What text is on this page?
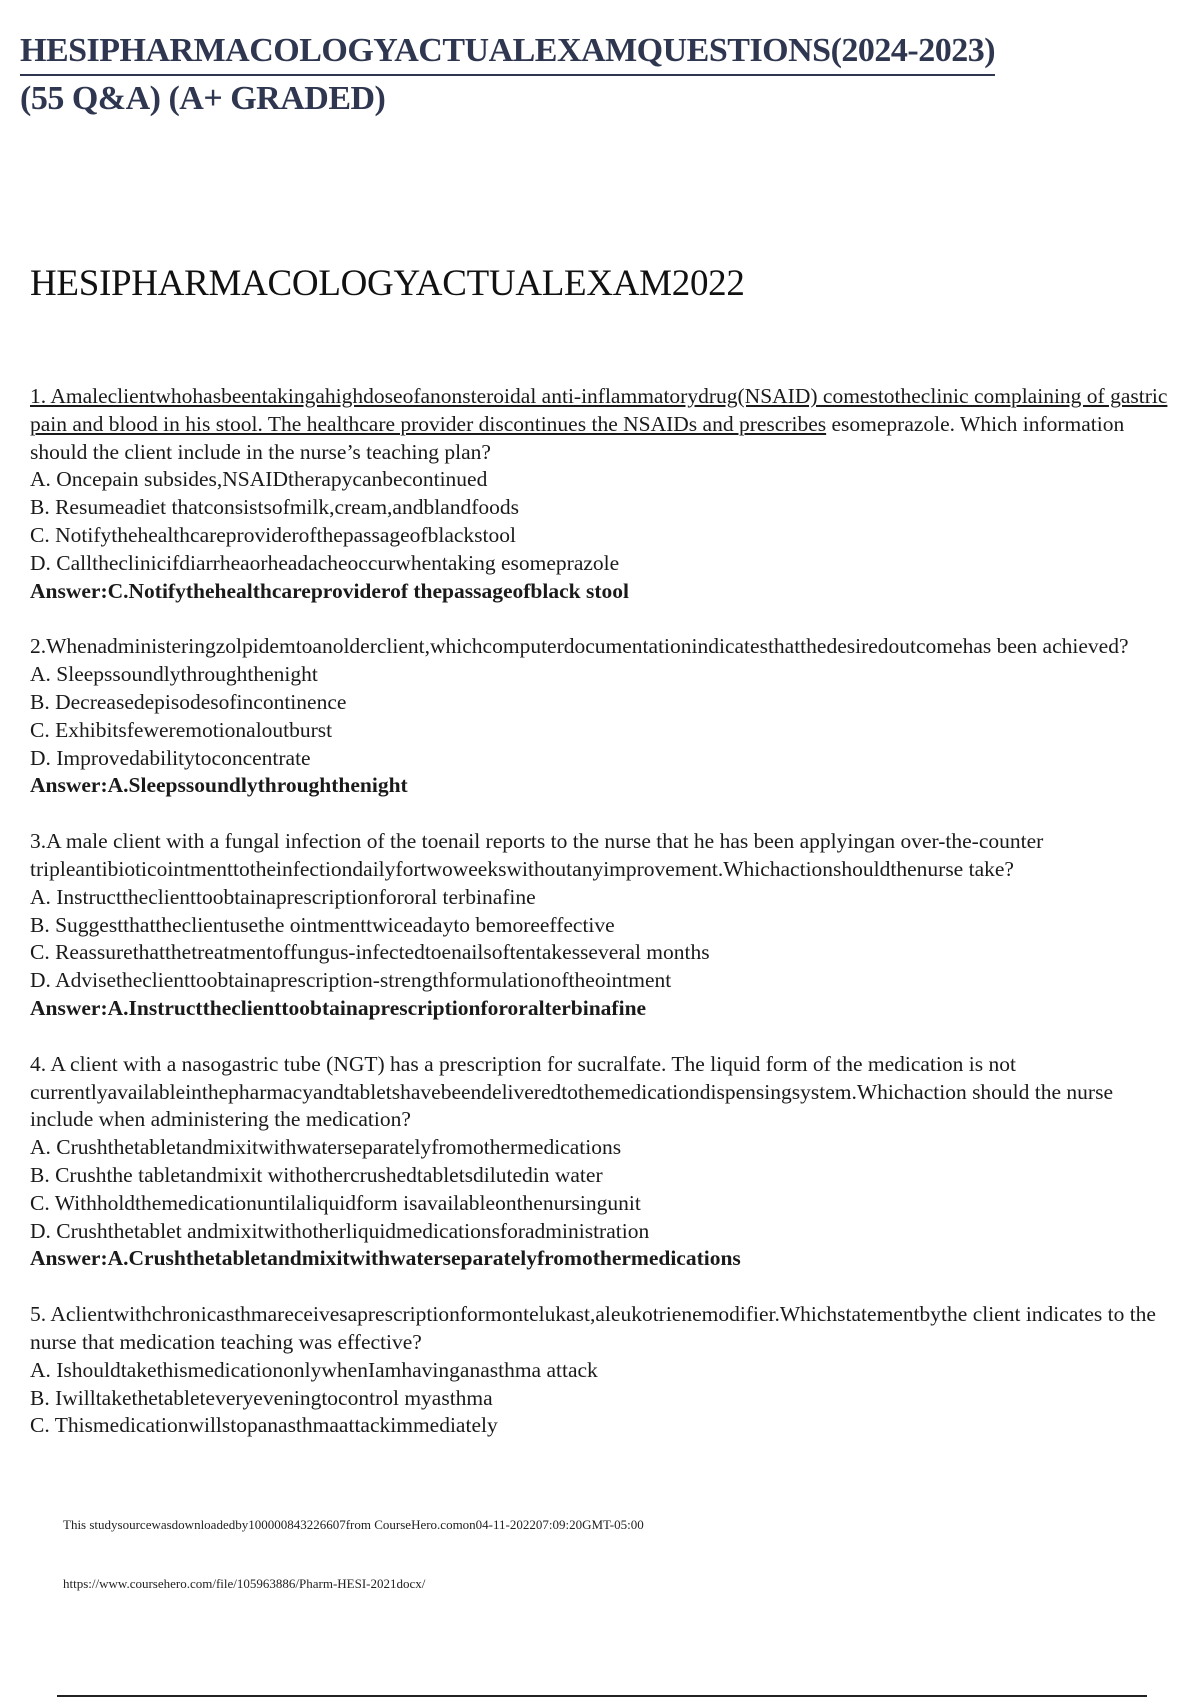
HESIPHARMACOLOGYACTUALEXAMQUESTIONS(2024-2023)
(55 Q&A) (A+ GRADED)
HESIPHARMACOLOGYACTUALEXAM2022

1. Amaleclientwhohasbeentakingahighdoseofanonsteroidal anti-inflammatorydrug(NSAID) comestotheclinic complaining of gastric pain and blood in his stool. The healthcare provider discontinues the NSAIDs and prescribes esomeprazole. Which information should the client include in the nurse’s teaching plan?

A. Oncepain subsides,NSAIDtherapycanbecontinued

B. Resumeadiet thatconsistsofmilk,cream,andblandfoods

C. Notifythehealthcareproviderofthepassageofblackstool

D. Calltheclinicifdiarrheaorheadacheoccurwhentaking esomeprazole

Answer:C.Notifythehealthcareproviderof thepassageofblack stool

2.Whenadministeringzolpidemtoanolderclient,whichcomputerdocumentationindicatesthatthedesiredoutcomehas been achieved?

A. Sleepssoundlythroughthenight

B. Decreasedepisodesofincontinence

C. Exhibitsfeweremotionaloutburst

D. Improvedabilitytoconcentrate

Answer:A.Sleepssoundlythroughthenight

3.A male client with a fungal infection of the toenail reports to the nurse that he has been applyingan over-the-counter tripleantibioticointmenttotheinfectiondailyfortwoweekswithoutanyimprovement.Whichactionshouldthenurse take?

A. Instructtheclienttoobtainaprescriptionfororal terbinafine

B. Suggestthattheclientusethe ointmenttwiceadayto bemoreeffective

C. Reassurethatthetreatmentoffungus-infectedtoenailsoftentakesseveral months

D. Advisetheclienttoobtainaprescription-strengthformulationoftheointment

Answer:A.Instructtheclienttoobtainaprescriptionfororalterbinafine

4. A client with a nasogastric tube (NGT) has a prescription for sucralfate. The liquid form of the medication is not currentlyavailableinthepharmacyandtabletshavebeendeliveredtothemedicationdispensingsystem.Whichaction should the nurse include when administering the medication?

A. Crushthetabletandmixitwithwaterseparatelyfromothermedications

B. Crushthe tabletandmixit withothercrushedtabletsdilutedin water

C. Withholdthemedicationuntilaliquidform isavailableonthenursingunit

D. Crushthetablet andmixitwithotherliquidmedicationsforadministration

Answer:A.Crushthetabletandmixitwithwaterseparatelyfromothermedications

5. Aclientwithchronicasthmareceivesaprescriptionformontelukast,aleukotrienemodifier.Whichstatementbythe client indicates to the nurse that medication teaching was effective?

A. IshouldtakethismedicationonlywhenIamhavinganasthma attack

B. Iwilltakethetableteveryeveningtocontrol myasthma

C. Thismedicationwillstopanasthmaattackimmediately

This studysourcewasdownloadedby100000843226607from CourseHero.comon04-11-202207:09:20GMT-05:00
https://www.coursehero.com/file/105963886/Pharm-HESI-2021docx/
